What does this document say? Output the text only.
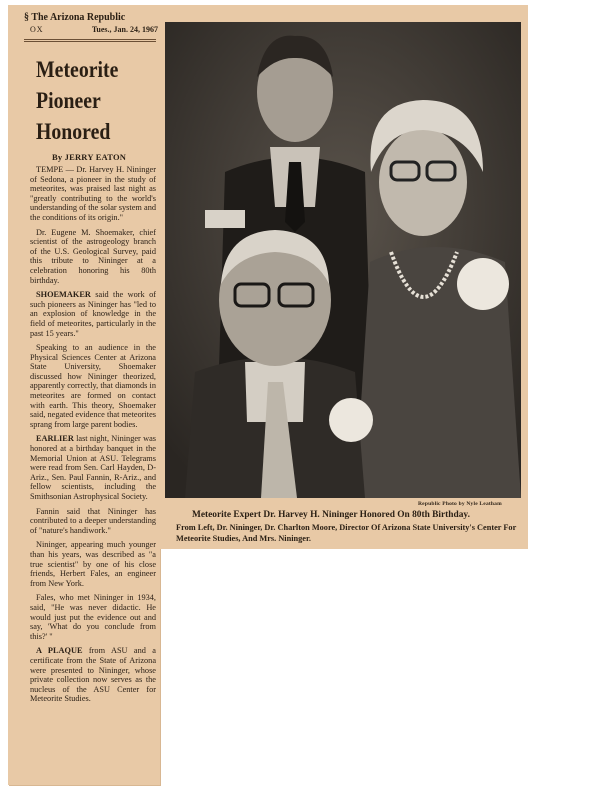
§ The Arizona Republic
OX	Tues., Jan. 24, 1967
Meteorite
Pioneer
Honored
By JERRY EATON

TEMPE — Dr. Harvey H. Nininger of Sedona, a pioneer in the study of meteorites, was praised last night as "greatly contributing to the world's understanding of the solar system and the conditions of its origin."

Dr. Eugene M. Shoemaker, chief scientist of the astrogeology branch of the U.S. Geological Survey, paid this tribute to Nininger at a celebration honoring his 80th birthday.

SHOEMAKER said the work of such pioneers as Nininger has "led to an explosion of knowledge in the field of meteorites, particularly in the past 15 years."

Speaking to an audience in the Physical Sciences Center at Arizona State University, Shoemaker discussed how Nininger theorized, apparently correctly, that diamonds in meteorites are formed on contact with earth. This theory, Shoemaker said, negated evidence that meteorites sprang from large parent bodies.

EARLIER last night, Nininger was honored at a birthday banquet in the Memorial Union at ASU. Telegrams were read from Sen. Carl Hayden, D-Ariz., Sen. Paul Fannin, R-Ariz., and fellow scientists, including the Smithsonian Astrophysical Society.

Fannin said that Nininger has contributed to a deeper understanding of "nature's handiwork."

Nininger, appearing much younger than his years, was described as "a true scientist" by one of his close friends, Herbert Fales, an engineer from New York.

Fales, who met Nininger in 1934, said, "He was never didactic. He would just put the evidence out and say, 'What do you conclude from this?' "

A PLAQUE from ASU and a certificate from the State of Arizona were presented to Nininger, whose private collection now serves as the nucleus of the ASU Center for Meteorite Studies.

Republic Photo by Nyle Leatham
Meteorite Expert Dr. Harvey H. Nininger Honored On 80th Birthday.
From Left, Dr. Nininger, Dr. Charlton Moore, Director Of Arizona State University's Center For Meteorite Studies, And Mrs. Nininger.
